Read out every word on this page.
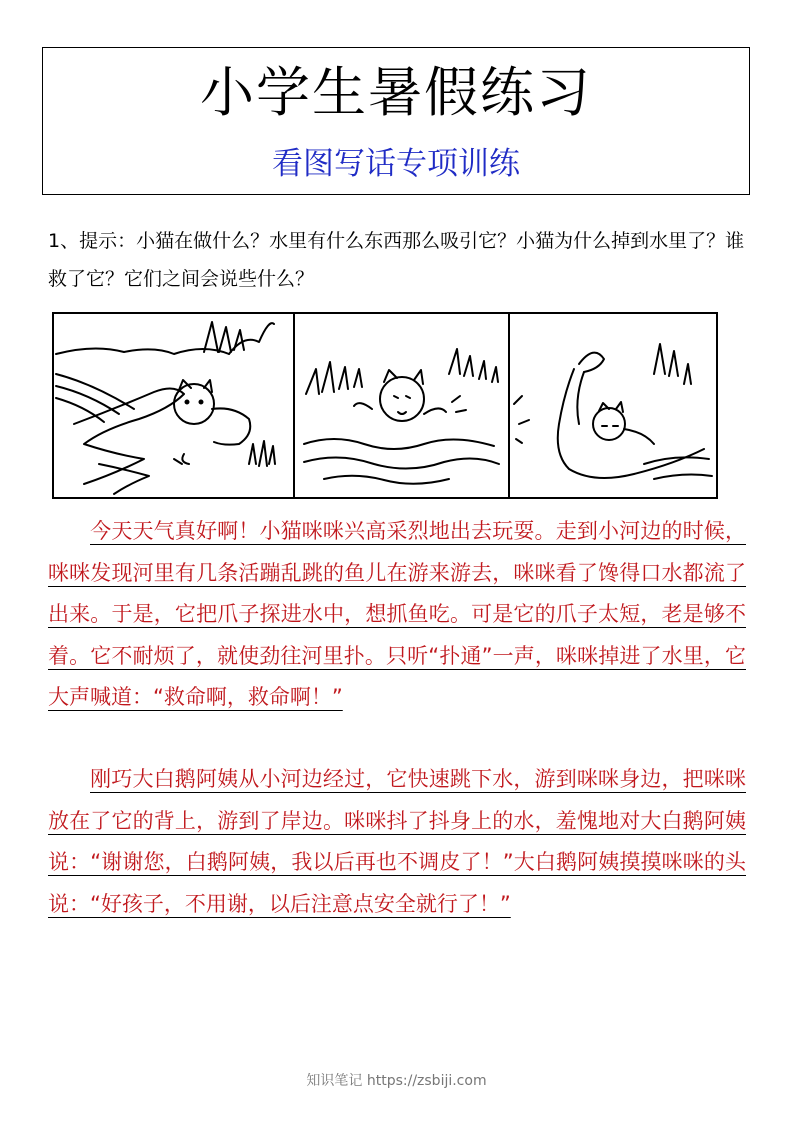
小学生暑假练习
看图写话专项训练
1、提示：小猫在做什么？水里有什么东西那么吸引它？小猫为什么掉到水里了？谁救了它？它们之间会说些什么？
今天天气真好啊！小猫咪咪兴高采烈地出去玩耍。走到小河边的时候，咪咪发现河里有几条活蹦乱跳的鱼儿在游来游去，咪咪看了馋得口水都流了出来。于是，它把爪子探进水中，想抓鱼吃。可是它的爪子太短，老是够不着。它不耐烦了，就使劲往河里扑。只听“扑通”一声，咪咪掉进了水里，它大声喊道：“救命啊，救命啊！”
刚巧大白鹅阿姨从小河边经过，它快速跳下水，游到咪咪身边，把咪咪放在了它的背上，游到了岸边。咪咪抖了抖身上的水，羞愧地对大白鹅阿姨说：“谢谢您，白鹅阿姨，我以后再也不调皮了！”大白鹅阿姨摸摸咪咪的头说：“好孩子，不用谢，以后注意点安全就行了！”
知识笔记 https://zsbiji.com
